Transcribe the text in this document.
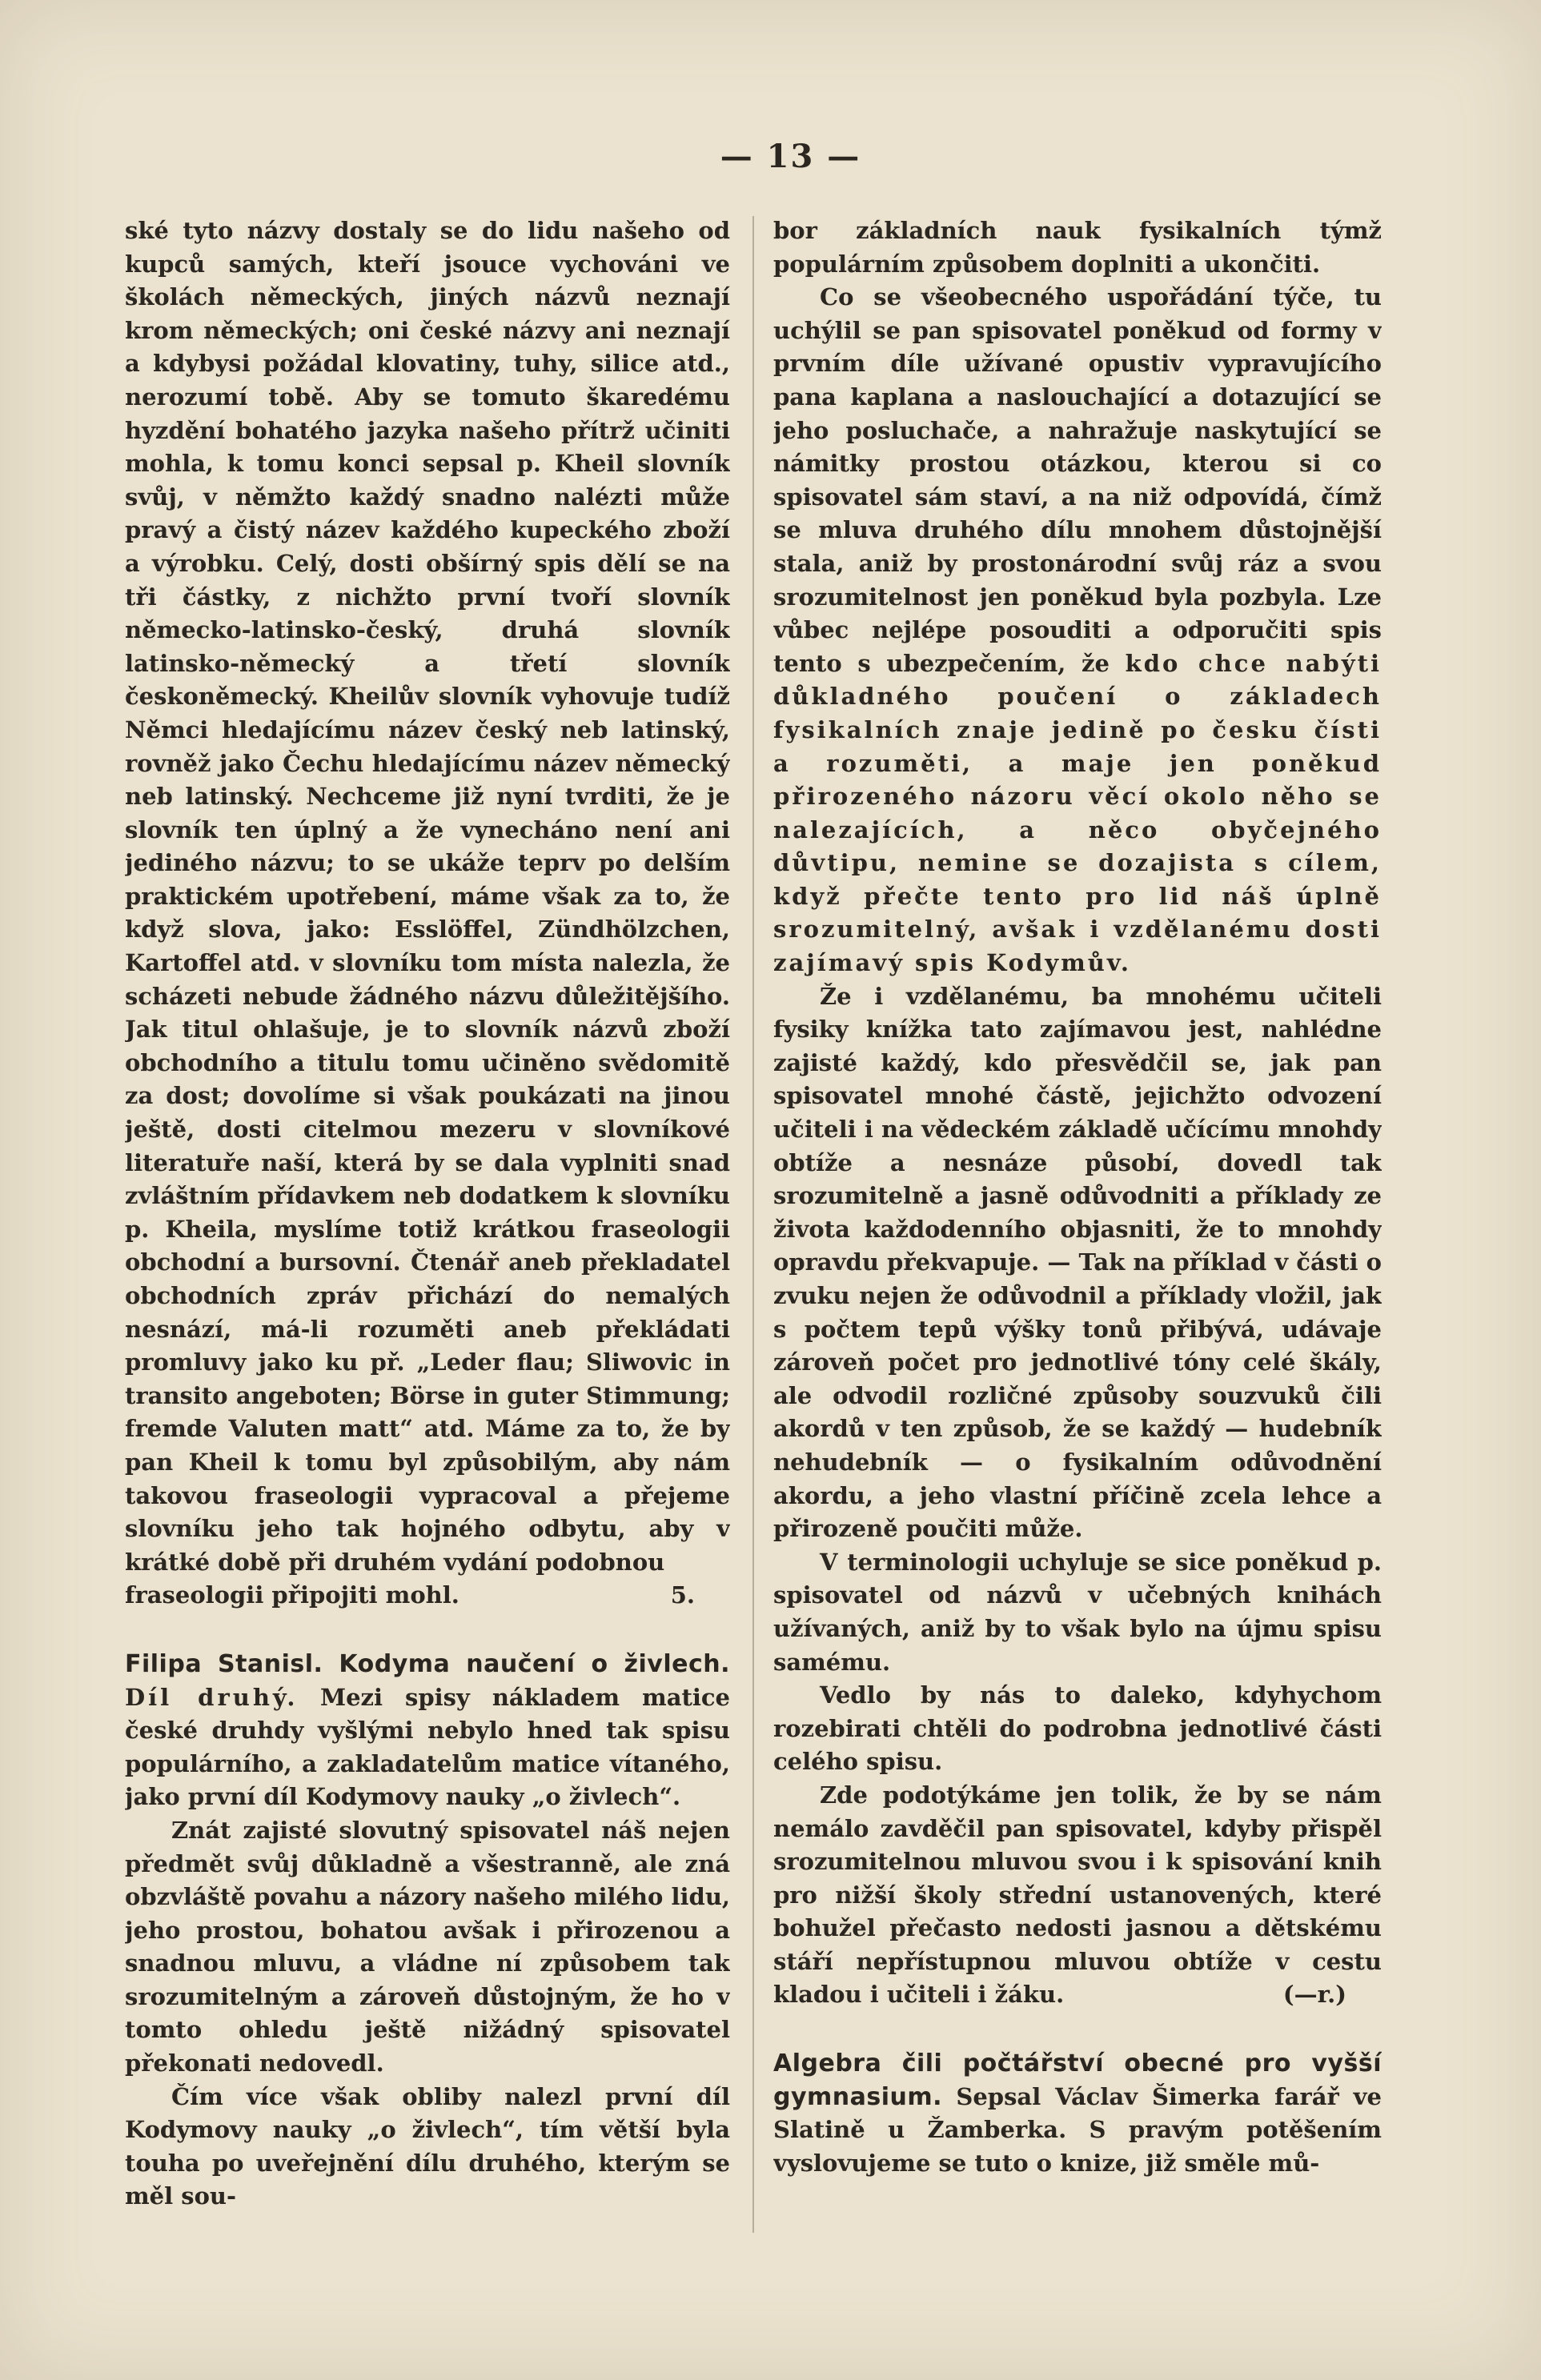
— 13 —

ské tyto názvy dostaly se do lidu našeho od kupců samých, kteří jsouce vychováni ve školách německých, jiných názvů neznají krom německých; oni české názvy ani neznají a kdybysi požádal klovatiny, tuhy, silice atd., nerozumí tobě. Aby se tomuto škaredému hyzdění bohatého jazyka našeho přítrž učiniti mohla, k tomu konci sepsal p. Kheil slovník svůj, v němžto každý snadno nalézti může pravý a čistý název každého kupeckého zboží a výrobku. Celý, dosti obšírný spis dělí se na tři částky, z nichžto první tvoří slovník německo-latinsko-český, druhá slovník latinsko-německý a třetí slovník českoněmecký. Kheilův slovník vyhovuje tudíž Němci hledajícímu název český neb latinský, rovněž jako Čechu hledajícímu název německý neb latinský. Nechceme již nyní tvrditi, že je slovník ten úplný a že vynecháno není ani jediného názvu; to se ukáže teprv po delším praktickém upotřebení, máme však za to, že když slova, jako: Esslöffel, Zündhölzchen, Kartoffel atd. v slovníku tom místa nalezla, že scházeti nebude žádného názvu důležitějšího. Jak titul ohlašuje, je to slovník názvů zboží obchodního a titulu tomu učiněno svědomitě za dost; dovolíme si však poukázati na jinou ještě, dosti citelmou mezeru v slovníkové literatuře naší, která by se dala vyplniti snad zvláštním přídavkem neb dodatkem k slovníku p. Kheila, myslíme totiž krátkou fraseologii obchodní a bursovní. Čtenář aneb překladatel obchodních zpráv přichází do nemalých nesnází, má-li rozuměti aneb překládati promluvy jako ku př. „Leder flau; Sliwovic in transito angeboten; Börse in guter Stimmung; fremde Valuten matt“ atd. Máme za to, že by pan Kheil k tomu byl způsobilým, aby nám takovou fraseologii vypracoval a přejeme slovníku jeho tak hojného odbytu, aby v krátké době při druhém vydání podobnou
fraseologii připojiti mohl.	5.

Filipa Stanisl. Kodyma naučení o živlech. Díl druhý. Mezi spisy nákladem matice české druhdy vyšlými nebylo hned tak spisu populárního, a zakladatelům matice vítaného, jako první díl Kodymovy nauky „o živlech“.

Znát zajisté slovutný spisovatel náš nejen předmět svůj důkladně a všestranně, ale zná obzvláště povahu a názory našeho milého lidu, jeho prostou, bohatou avšak i přirozenou a snadnou mluvu, a vládne ní způsobem tak srozumitelným a zároveň důstojným, že ho v tomto ohledu ještě nižádný spisovatel překonati nedovedl.

Čím více však obliby nalezl první díl Kodymovy nauky „o živlech“, tím větší byla touha po uveřejnění dílu druhého, kterým se měl sou-

bor základních nauk fysikalních týmž populárním způsobem doplniti a ukončiti.

Co se všeobecného uspořádání týče, tu uchýlil se pan spisovatel poněkud od formy v prvním díle užívané opustiv vypravujícího pana kaplana a naslouchající a dotazující se jeho posluchače, a nahražuje naskytující se námitky prostou otázkou, kterou si co spisovatel sám staví, a na niž odpovídá, čímž se mluva druhého dílu mnohem důstojnější stala, aniž by prostonárodní svůj ráz a svou srozumitelnost jen poněkud byla pozbyla. Lze vůbec nejlépe posouditi a odporučiti spis tento s ubezpečením, že kdo chce nabýti důkladného poučení o základech fysikalních znaje jedině po česku čísti a rozuměti, a maje jen poněkud přirozeného názoru věcí okolo něho se nalezajících, a něco obyčejného důvtipu, nemine se dozajista s cílem, když přečte tento pro lid náš úplně srozumitelný, avšak i vzdělanému dosti zajímavý spis Kodymův.

Že i vzdělanému, ba mnohému učiteli fysiky knížka tato zajímavou jest, nahlédne zajisté každý, kdo přesvědčil se, jak pan spisovatel mnohé částě, jejichžto odvození učiteli i na vědeckém základě učícímu mnohdy obtíže a nesnáze působí, dovedl tak srozumitelně a jasně odůvodniti a příklady ze života každodenního objasniti, že to mnohdy opravdu překvapuje. — Tak na příklad v části o zvuku nejen že odůvodnil a příklady vložil, jak s počtem tepů výšky tonů přibývá, udávaje zároveň počet pro jednotlivé tóny celé škály, ale odvodil rozličné způsoby souzvuků čili akordů v ten způsob, že se každý — hudebník nehudebník — o fysikalním odůvodnění akordu, a jeho vlastní příčině zcela lehce a přirozeně poučiti může.

V terminologii uchyluje se sice poněkud p. spisovatel od názvů v učebných knihách užívaných, aniž by to však bylo na újmu spisu samému.

Vedlo by nás to daleko, kdyhychom rozebirati chtěli do podrobna jednotlivé části celého spisu.

Zde podotýkáme jen tolik, že by se nám nemálo zavděčil pan spisovatel, kdyby přispěl srozumitelnou mluvou svou i k spisování knih pro nižší školy střední ustanovených, které bohužel přečasto nedosti jasnou a dětskému stáří nepřístupnou mluvou obtíže v cestu kladou i učiteli i žáku.	(—r.)

Algebra čili počtářství obecné pro vyšší gymnasium. Sepsal Václav Šimerka farář ve Slatině u Žamberka. S pravým potěšením vyslovujeme se tuto o knize, již směle mů-
